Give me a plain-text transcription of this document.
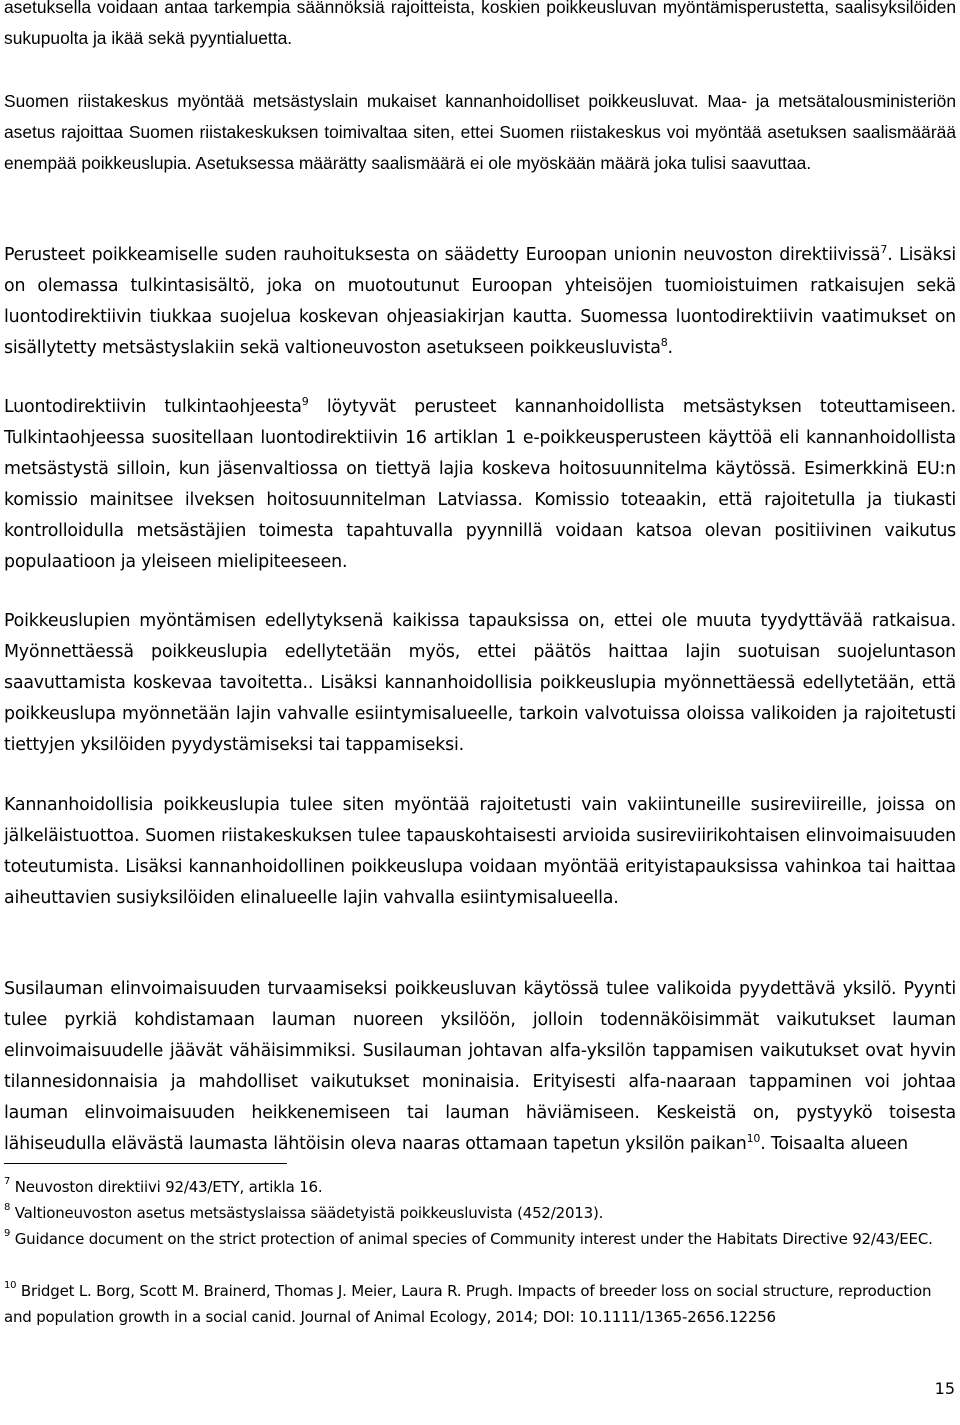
asetuksella voidaan antaa tarkempia säännöksiä rajoitteista, koskien poikkeusluvan myöntämisperustetta, saalisyksilöiden sukupuolta ja ikää sekä pyyntialuetta.

Suomen riistakeskus myöntää metsästyslain mukaiset kannanhoidolliset poikkeusluvat. Maa- ja metsätalousministeriön asetus rajoittaa Suomen riistakeskuksen toimivaltaa siten, ettei Suomen riistakeskus voi myöntää asetuksen saalismäärää enempää poikkeuslupia. Asetuksessa määrätty saalismäärä ei ole myöskään määrä joka tulisi saavuttaa.

Perusteet poikkeamiselle suden rauhoituksesta on säädetty Euroopan unionin neuvoston direktiivissä$^7$. Lisäksi on olemassa tulkintasisältö, joka on muotoutunut Euroopan yhteisöjen tuomioistuimen ratkaisujen sekä luontodirektiivin tiukkaa suojelua koskevan ohjeasiakirjan kautta. Suomessa luontodirektiivin vaatimukset on sisällytetty metsästyslakiin sekä valtioneuvoston asetukseen poikkeusluvista$^8$.

Luontodirektiivin tulkintaohjeesta$^9$ löytyvät perusteet kannanhoidollista metsästyksen toteuttamiseen. Tulkintaohjeessa suositellaan luontodirektiivin 16 artiklan 1 e-poikkeusperusteen käyttöä eli kannanhoidollista metsästystä silloin, kun jäsenvaltiossa on tiettyä lajia koskeva hoitosuunnitelma käytössä. Esimerkkinä EU:n komissio mainitsee ilveksen hoitosuunnitelman Latviassa. Komissio toteaakin, että rajoitetulla ja tiukasti kontrolloidulla metsästäjien toimesta tapahtuvalla pyynnillä voidaan katsoa olevan positiivinen vaikutus populaatioon ja yleiseen mielipiteeseen.

Poikkeuslupien myöntämisen edellytyksenä kaikissa tapauksissa on, ettei ole muuta tyydyttävää ratkaisua. Myönnettäessä poikkeuslupia edellytetään myös, ettei päätös haittaa lajin suotuisan suojeluntason saavuttamista koskevaa tavoitetta.. Lisäksi kannanhoidollisia poikkeuslupia myönnettäessä edellytetään, että poikkeuslupa myönnetään lajin vahvalle esiintymisalueelle, tarkoin valvotuissa oloissa valikoiden ja rajoitetusti tiettyjen yksilöiden pyydystämiseksi tai tappamiseksi.

Kannanhoidollisia poikkeuslupia tulee siten myöntää rajoitetusti vain vakiintuneille susireviireille, joissa on jälkeläistuottoa. Suomen riistakeskuksen tulee tapauskohtaisesti arvioida susireviirikohtaisen elinvoimaisuuden toteutumista. Lisäksi kannanhoidollinen poikkeuslupa voidaan myöntää erityistapauksissa vahinkoa tai haittaa aiheuttavien susiyksilöiden elinalueelle lajin vahvalla esiintymisalueella.

Susilauman elinvoimaisuuden turvaamiseksi poikkeusluvan käytössä tulee valikoida pyydettävä yksilö. Pyynti tulee pyrkiä kohdistamaan lauman nuoreen yksilöön, jolloin todennäköisimmät vaikutukset lauman elinvoimaisuudelle jäävät vähäisimmiksi. Susilauman johtavan alfa-yksilön tappamisen vaikutukset ovat hyvin tilannesidonnaisia ja mahdolliset vaikutukset moninaisia. Erityisesti alfa-naaraan tappaminen voi johtaa lauman elinvoimaisuuden heikkenemiseen tai lauman häviämiseen. Keskeistä on, pystyykö toisesta lähiseudulla elävästä laumasta lähtöisin oleva naaras ottamaan tapetun yksilön paikan$^{10}$. Toisaalta alueen

$^7$ Neuvoston direktiivi 92/43/ETY, artikla 16.

$^8$ Valtioneuvoston asetus metsästyslaissa säädetyistä poikkeusluvista (452/2013).

$^9$ Guidance document on the strict protection of animal species of Community interest under the Habitats Directive 92/43/EEC.

$^{10}$ Bridget L. Borg, Scott M. Brainerd, Thomas J. Meier, Laura R. Prugh. Impacts of breeder loss on social structure, reproduction and population growth in a social canid. Journal of Animal Ecology, 2014; DOI: 10.1111/1365-2656.12256

15
